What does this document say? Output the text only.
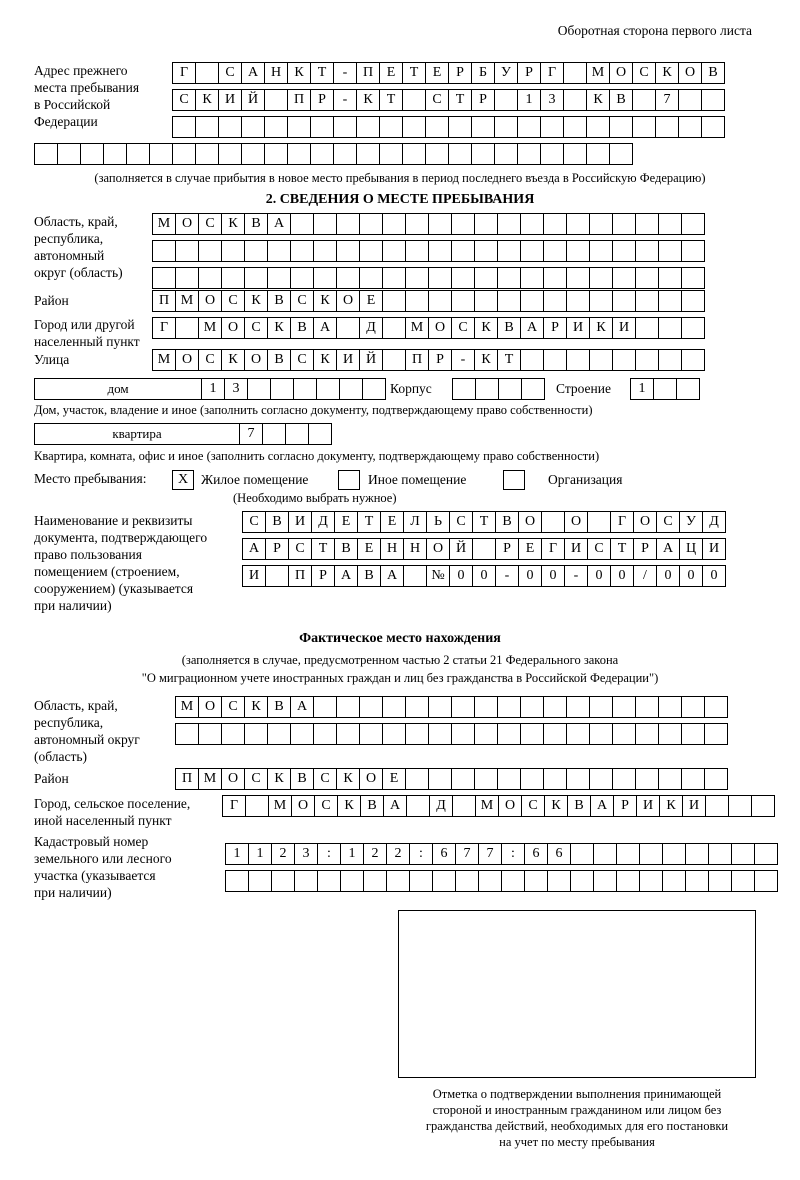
Оборотная сторона первого листа
Адрес прежнего
места пребывания
в Российской
Федерации
Г	С А Н К	Т	-	П Е	Т	Е	Р	Б	У	Р	Г	М О С К О В
С К И Й	П	Р	-	К	Т	С	Т	Р	1	3	К В	7
(заполняется в случае прибытия в новое место пребывания в период последнего въезда в Российскую Федерацию)
2. СВЕДЕНИЯ О МЕСТЕ ПРЕБЫВАНИЯ
Область, край,
республика,
автономный
округ (область)
М О С К В А
Район	П М О С К В С К О Е
Город или другой
населенный пункт
Г	М О С К В А	Д	М О С К В А	Р	И К И
Улица	М О С К О В С К И Й	П	Р	-	К	Т
дом	1	3	Корпус	Строение	1
Дом, участок, владение и иное (заполнить согласно документу, подтверждающему право собственности)
квартира	7
Квартира, комната, офис и иное (заполнить согласно документу, подтверждающему право собственности)
Место пребывания:	Х Жилое помещение	Иное помещение	Организация
(Необходимо выбрать нужное)
Наименование и реквизиты
документа, подтверждающего
право пользования
помещением (строением,
сооружением) (указывается
при наличии)
С В И Д Е	Т	Е Л	Ь	С	Т	В О	О	Г О С У Д
А	Р	С	Т	В	Е Н Н О Й	Р	Е	Г И С	Т	Р	А Ц И
И	П	Р	А В А	№ 0	0	-	0	0	-	0	0	/	0	0	0
Фактическое место нахождения
(заполняется в случае, предусмотренном частью 2 статьи 21 Федерального закона
"О миграционном учете иностранных граждан и лиц без гражданства в Российской Федерации")
Область, край,
республика,
автономный округ
(область)
М О С К В А
Район	П М О С К В С К О Е
Город, сельское поселение,
иной населенный пункт
Г	М О С К В А	Д	М О С К В А	Р	И К И
Кадастровый номер
земельного или лесного
участка (указывается
при наличии)
1	1	2	3	:	1	2	2	:	6	7	7	:	6	6
Отметка о подтверждении выполнения принимающей
стороной и иностранным гражданином или лицом без
гражданства действий, необходимых для его постановки
на учет по месту пребывания
